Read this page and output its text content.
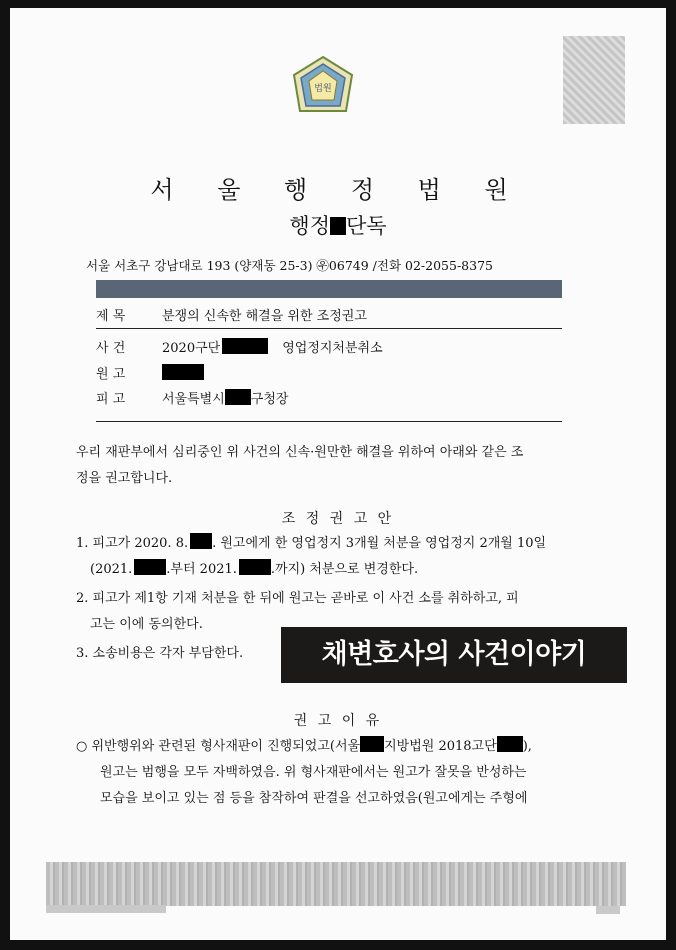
법원
서 울 행 정 법 원
행정 단독
서울 서초구 강남대로 193 (양재동 25-3) ㉾06749 /전화 02-2055-8375
제 목	분쟁의 신속한 해결을 위한 조정권고
사 건	2020구단	영업정지처분취소
원 고
피 고	서울특별시 구청장
우리 재판부에서 심리중인 위 사건의 신속·원만한 해결을 위하여 아래와 같은 조
정을 권고합니다.
조 정 권 고 안
1. 피고가 2020. 8. . 원고에게 한 영업정지 3개월 처분을 영업정지 2개월 10일
(2021.	.부터 2021.	.까지) 처분으로 변경한다.
2. 피고가 제1항 기재 처분을 한 뒤에 원고는 곧바로 이 사건 소를 취하하고, 피
고는 이에 동의한다.
3. 소송비용은 각자 부담한다.	채변호사의 사건이야기
권 고 이 유
○ 위반행위와 관련된 형사재판이 진행되었고(서울 지방법원 2018고단 ),
원고는 범행을 모두 자백하였음. 위 형사재판에서는 원고가 잘못을 반성하는
모습을 보이고 있는 점 등을 참작하여 판결을 선고하였음(원고에게는 주형에
